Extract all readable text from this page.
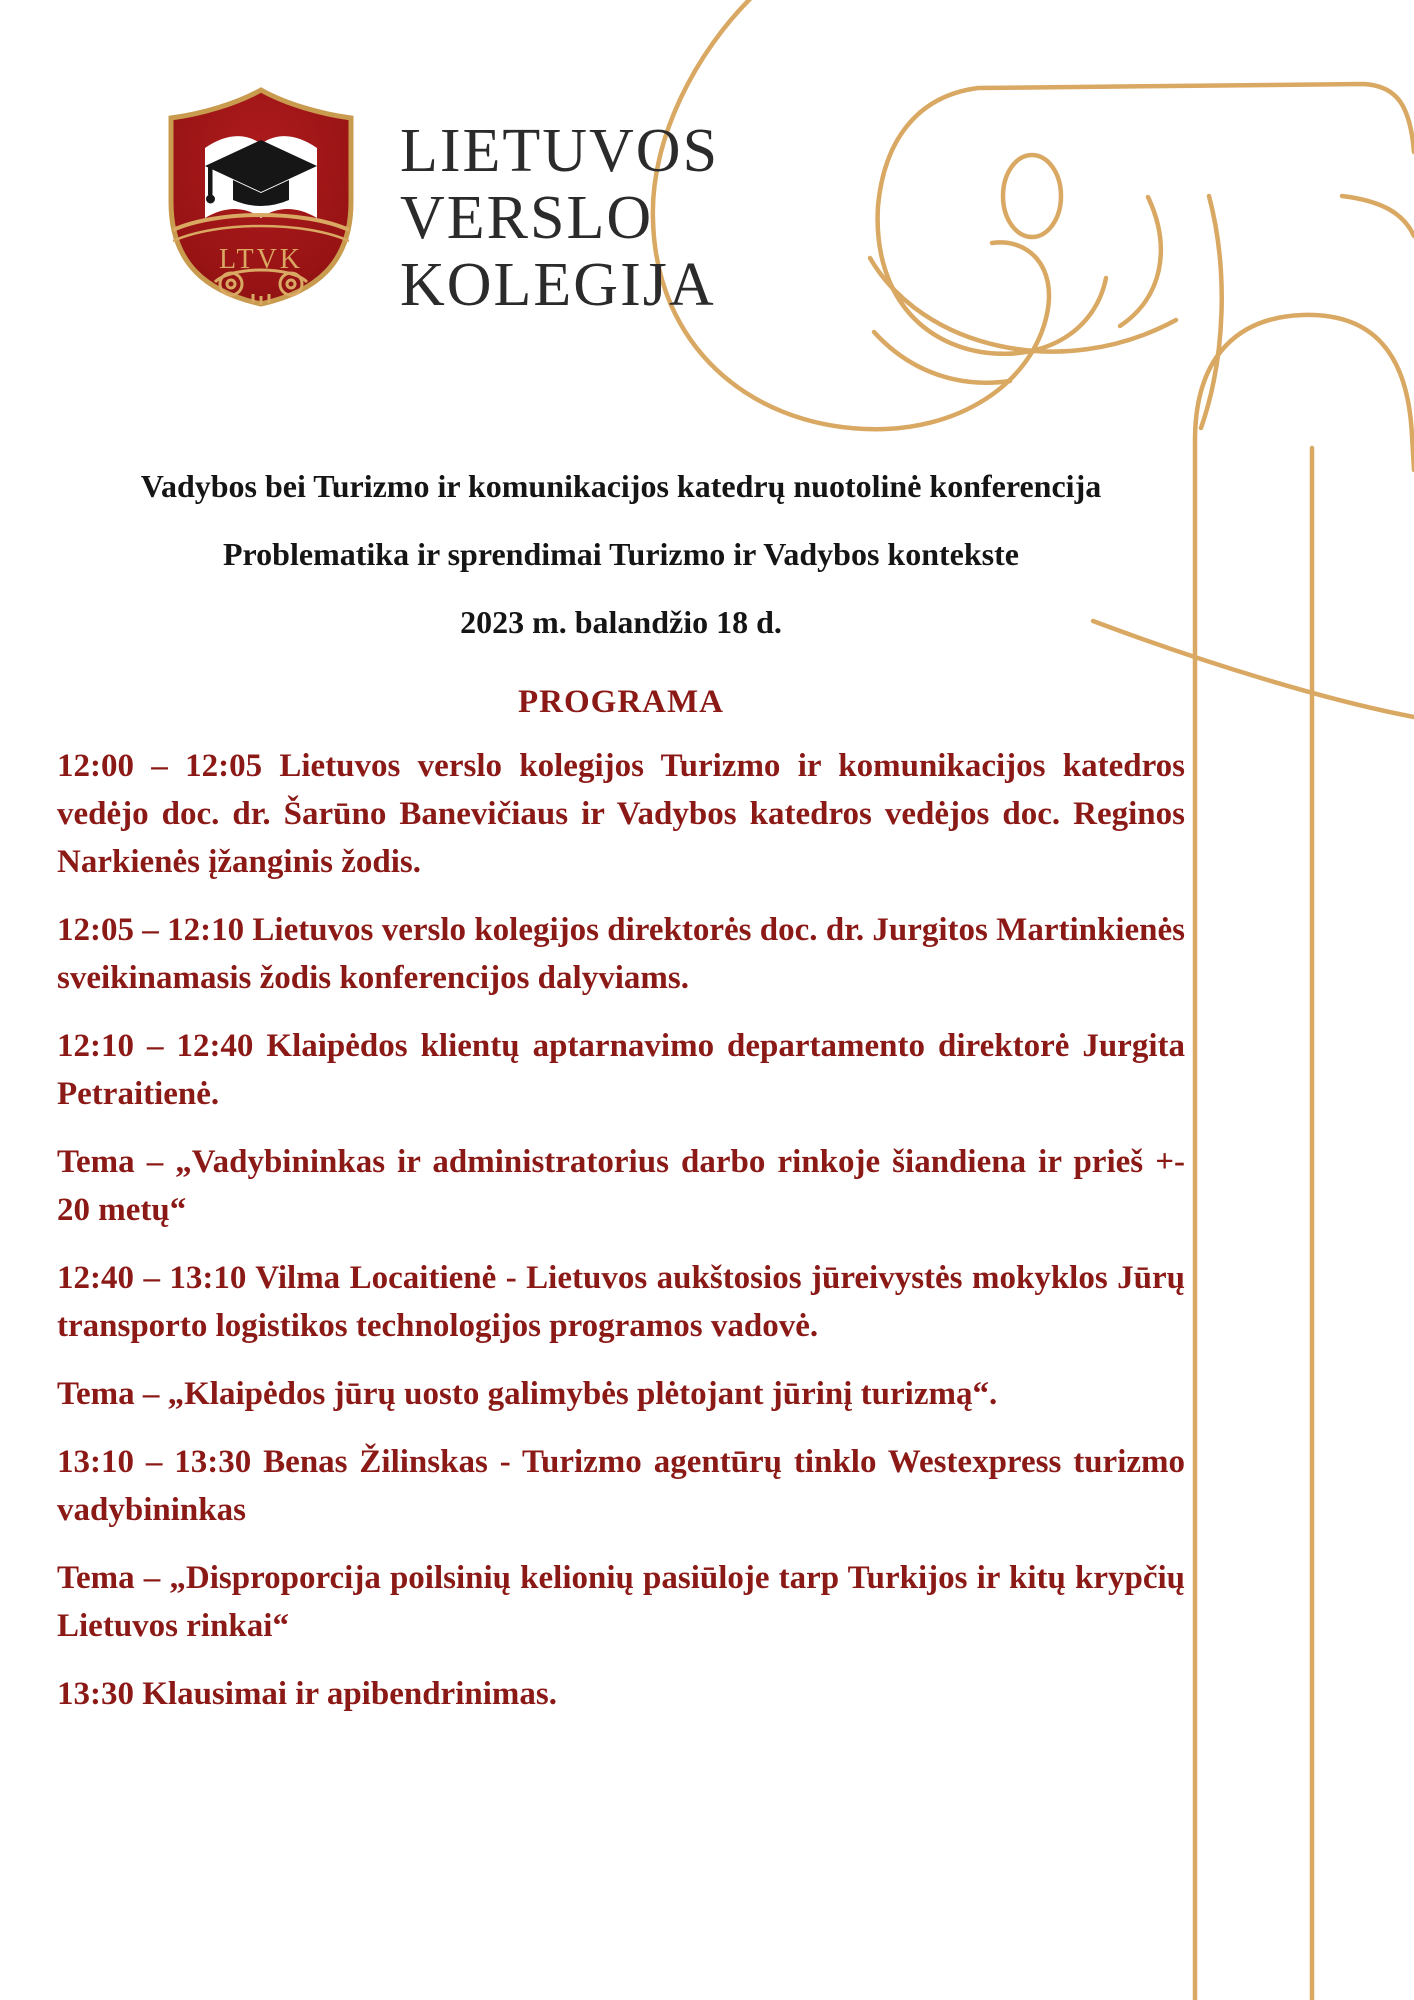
LTVK
LIETUVOS
VERSLO
KOLEGIJA
Vadybos bei Turizmo ir komunikacijos katedrų nuotolinė konferencija
Problematika ir sprendimai Turizmo ir Vadybos kontekste
2023 m. balandžio 18 d.
PROGRAMA

12:00 – 12:05 Lietuvos verslo kolegijos Turizmo ir komunikacijos katedros vedėjo doc. dr. Šarūno Banevičiaus ir Vadybos katedros vedėjos doc. Reginos Narkienės įžanginis žodis.

12:05 – 12:10 Lietuvos verslo kolegijos direktorės doc. dr. Jurgitos Martinkienės sveikinamasis žodis konferencijos dalyviams.

12:10 – 12:40 Klaipėdos klientų aptarnavimo departamento direktorė Jurgita Petraitienė.

Tema – „Vadybininkas ir administratorius darbo rinkoje šiandiena ir prieš +- 20 metų“

12:40 – 13:10 Vilma Locaitienė - Lietuvos aukštosios jūreivystės mokyklos Jūrų transporto logistikos technologijos programos vadovė.

Tema – „Klaipėdos jūrų uosto galimybės plėtojant jūrinį turizmą“.

13:10 – 13:30 Benas Žilinskas - Turizmo agentūrų tinklo Westexpress turizmo vadybininkas

Tema – „Disproporcija poilsinių kelionių pasiūloje tarp Turkijos ir kitų krypčių Lietuvos rinkai“

13:30 Klausimai ir apibendrinimas.
